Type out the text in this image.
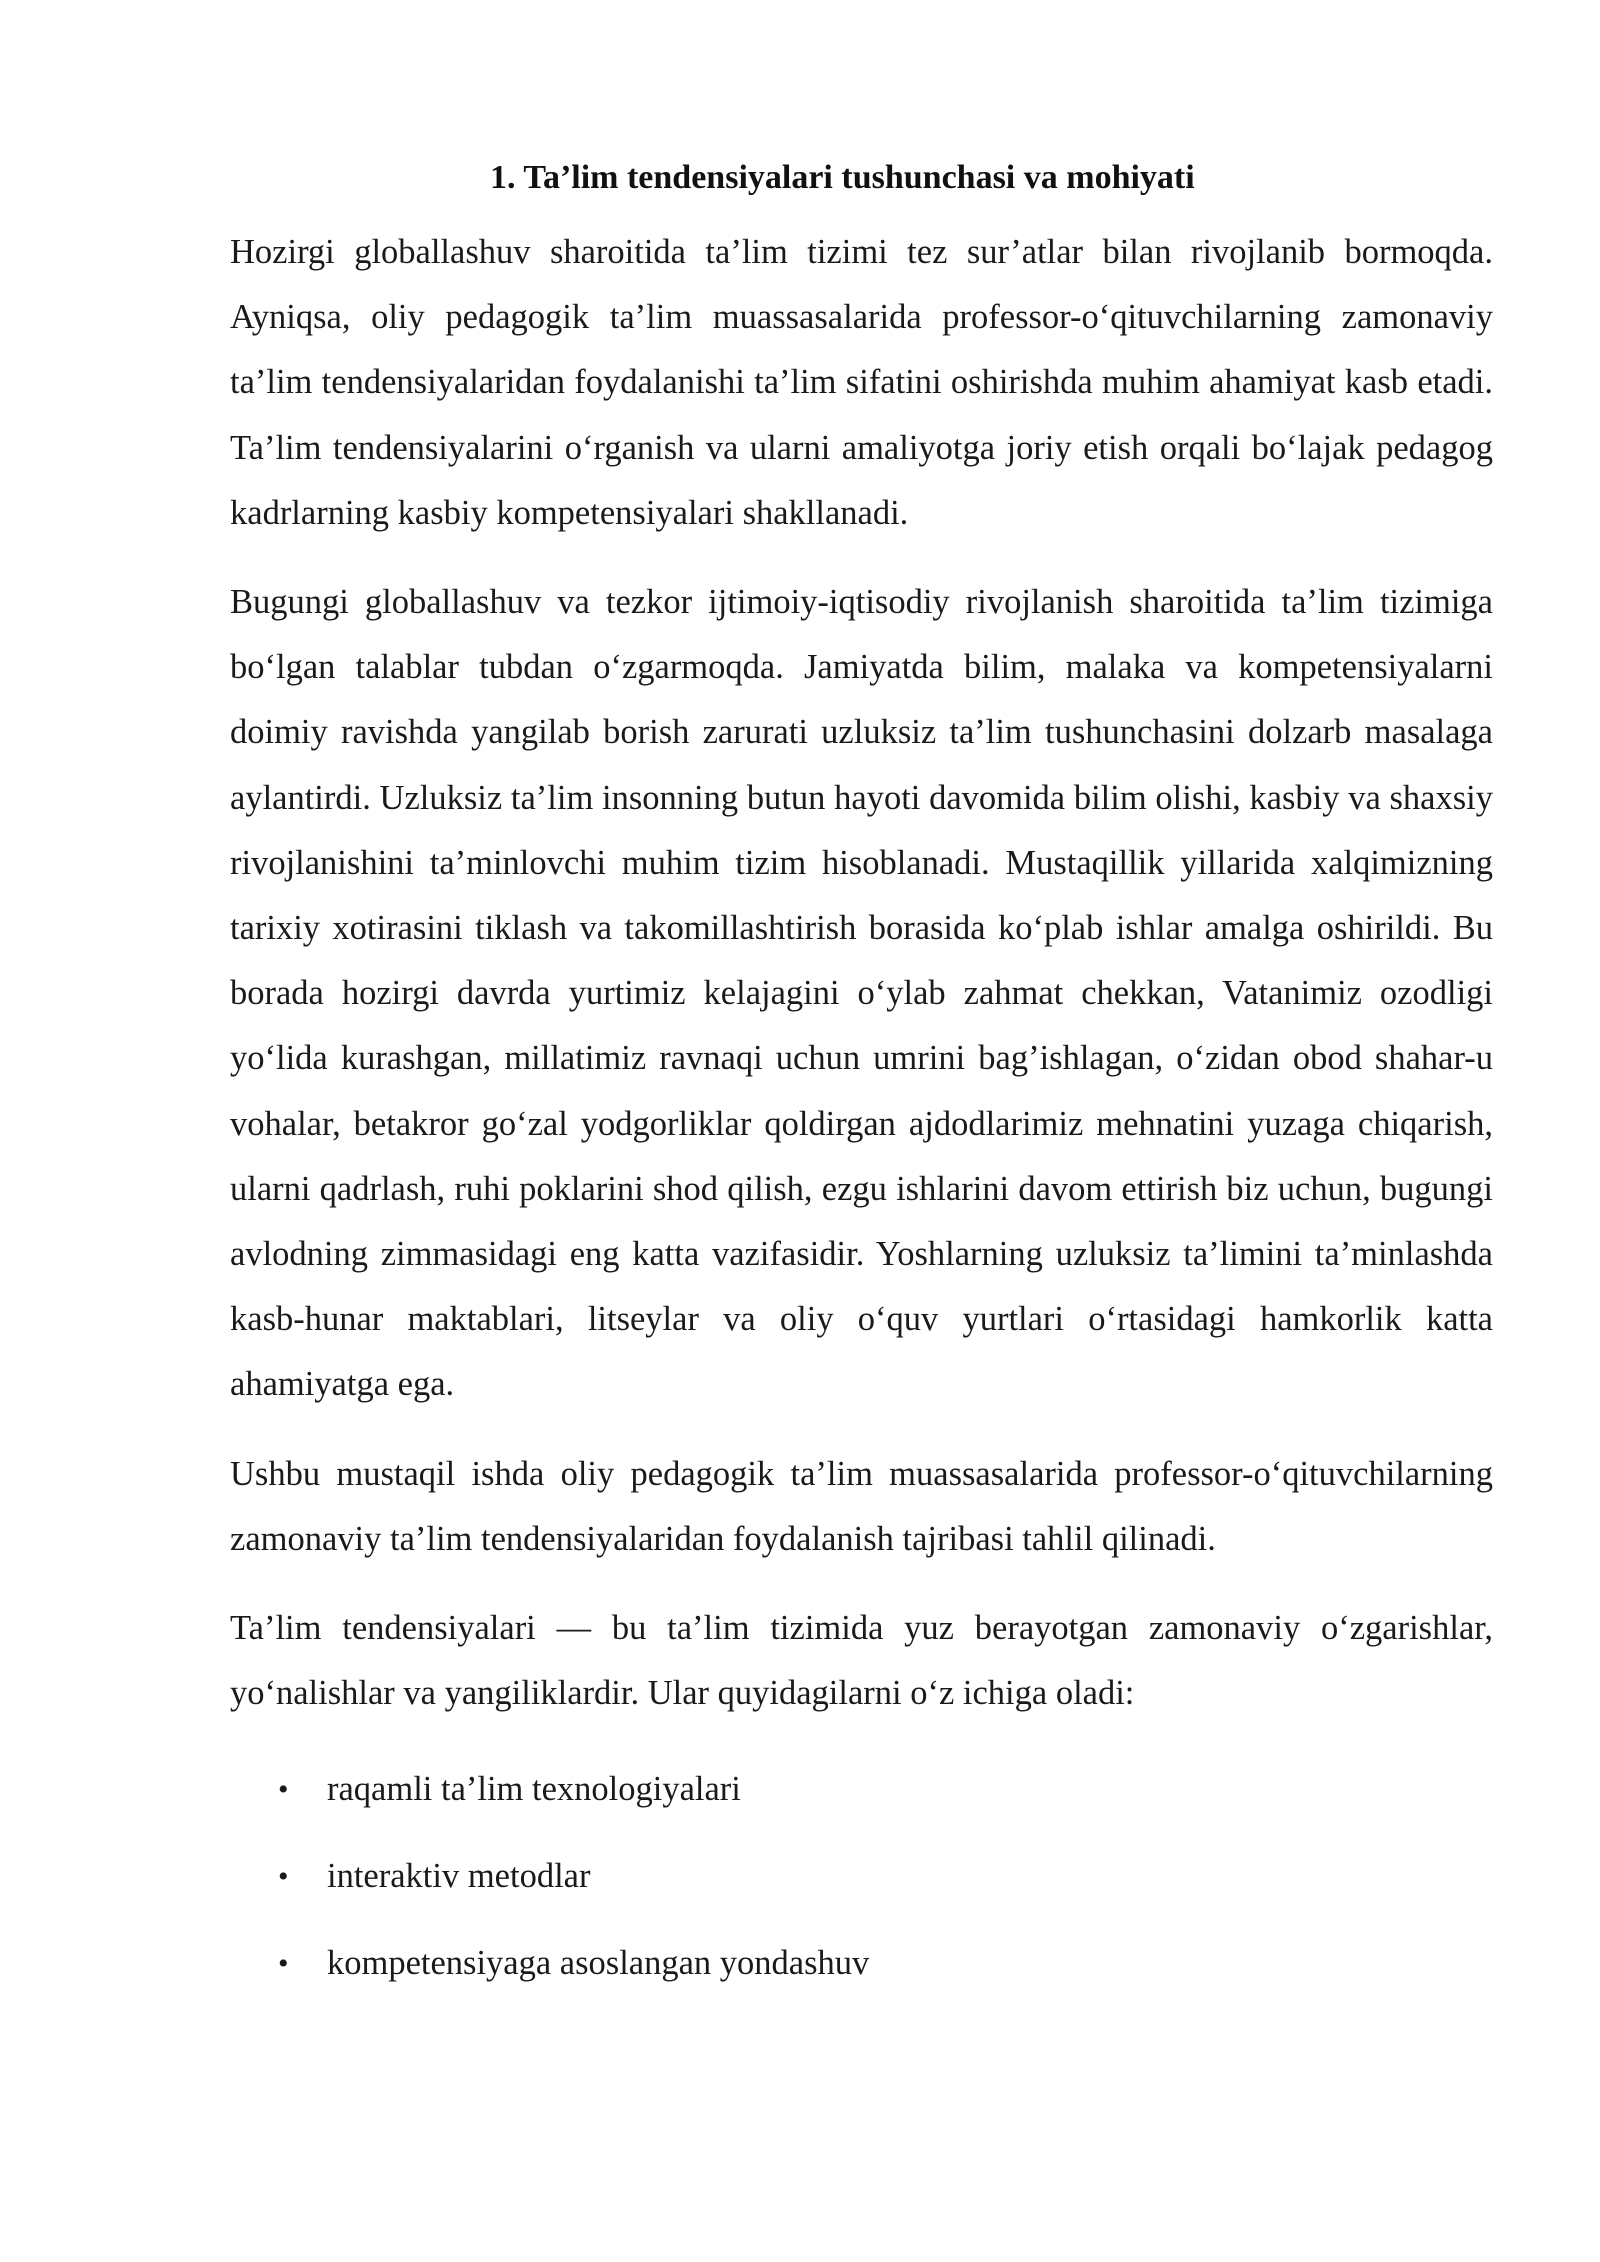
1. Ta’lim tendensiyalari tushunchasi va mohiyati

Hozirgi globallashuv sharoitida ta’lim tizimi tez sur’atlar bilan rivojlanib bormoqda. Ayniqsa, oliy pedagogik ta’lim muassasalarida professor-o‘qituvchilarning zamonaviy ta’lim tendensiyalaridan foydalanishi ta’lim sifatini oshirishda muhim ahamiyat kasb etadi. Ta’lim tendensiyalarini o‘rganish va ularni amaliyotga joriy etish orqali bo‘lajak pedagog kadrlarning kasbiy kompetensiyalari shakllanadi.

Bugungi globallashuv va tezkor ijtimoiy-iqtisodiy rivojlanish sharoitida ta’lim tizimiga bo‘lgan talablar tubdan o‘zgarmoqda. Jamiyatda bilim, malaka va kompetensiyalarni doimiy ravishda yangilab borish zarurati uzluksiz ta’lim tushunchasini dolzarb masalaga aylantirdi. Uzluksiz ta’lim insonning butun hayoti davomida bilim olishi, kasbiy va shaxsiy rivojlanishini ta’minlovchi muhim tizim hisoblanadi. Mustaqillik yillarida xalqimizning tarixiy xotirasini tiklash va takomillashtirish borasida ko‘plab ishlar amalga oshirildi. Bu borada hozirgi davrda yurtimiz kelajagini o‘ylab zahmat chekkan, Vatanimiz ozodligi yo‘lida kurashgan, millatimiz ravnaqi uchun umrini bag’ishlagan, o‘zidan obod shahar-u vohalar, betakror go‘zal yodgorliklar qoldirgan ajdodlarimiz mehnatini yuzaga chiqarish, ularni qadrlash, ruhi poklarini shod qilish, ezgu ishlarini davom ettirish biz uchun, bugungi avlodning zimmasidagi eng katta vazifasidir. Yoshlarning uzluksiz ta’limini ta’minlashda kasb-hunar maktablari, litseylar va oliy o‘quv yurtlari o‘rtasidagi hamkorlik katta ahamiyatga ega.

Ushbu mustaqil ishda oliy pedagogik ta’lim muassasalarida professor-o‘qituvchilarning zamonaviy ta’lim tendensiyalaridan foydalanish tajribasi tahlil qilinadi.

Ta’lim tendensiyalari — bu ta’lim tizimida yuz berayotgan zamonaviy o‘zgarishlar, yo‘nalishlar va yangiliklardir. Ular quyidagilarni o‘z ichiga oladi:

• raqamli ta’lim texnologiyalari
• interaktiv metodlar
• kompetensiyaga asoslangan yondashuv
